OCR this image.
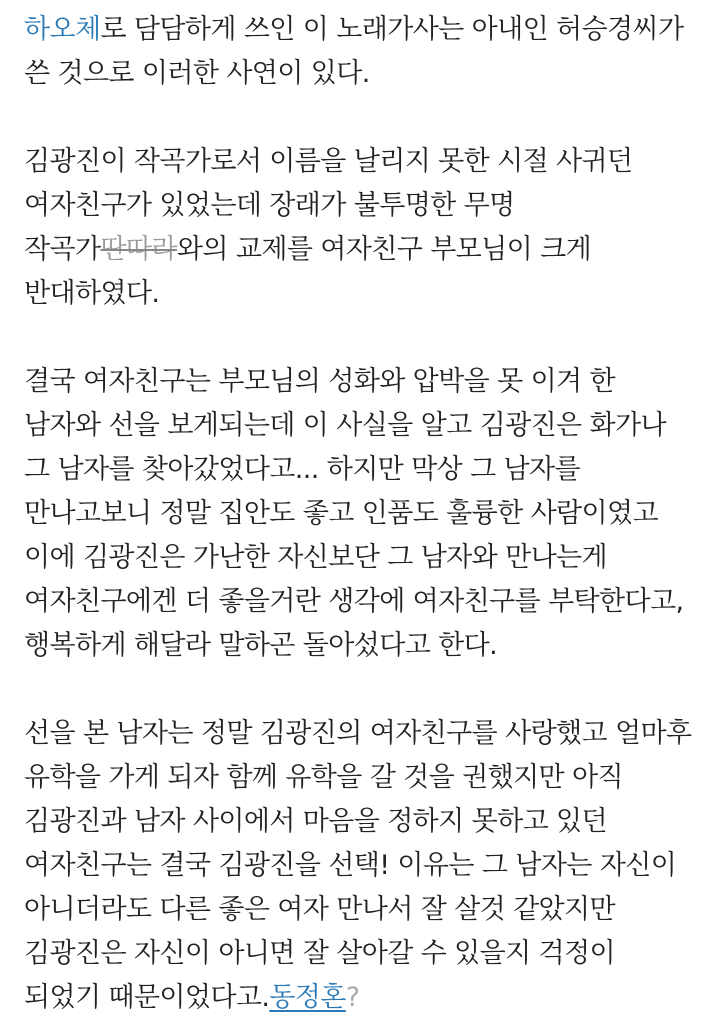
하오체로 담담하게 쓰인 이 노래가사는 아내인 허승경씨가 쓴 것으로 이러한 사연이 있다.

김광진이 작곡가로서 이름을 날리지 못한 시절 사귀던 여자친구가 있었는데 장래가 불투명한 무명 작곡가딴따라와의 교제를 여자친구 부모님이 크게 반대하였다.

결국 여자친구는 부모님의 성화와 압박을 못 이겨 한 남자와 선을 보게되는데 이 사실을 알고 김광진은 화가나 그 남자를 찾아갔었다고... 하지만 막상 그 남자를 만나고보니 정말 집안도 좋고 인품도 훌륭한 사람이였고 이에 김광진은 가난한 자신보단 그 남자와 만나는게 여자친구에겐 더 좋을거란 생각에 여자친구를 부탁한다고, 행복하게 해달라 말하곤 돌아섰다고 한다.

선을 본 남자는 정말 김광진의 여자친구를 사랑했고 얼마후 유학을 가게 되자 함께 유학을 갈 것을 권했지만 아직 김광진과 남자 사이에서 마음을 정하지 못하고 있던 여자친구는 결국 김광진을 선택! 이유는 그 남자는 자신이 아니더라도 다른 좋은 여자 만나서 잘 살것 같았지만 김광진은 자신이 아니면 잘 살아갈 수 있을지 걱정이 되었기 때문이었다고.동정혼?
